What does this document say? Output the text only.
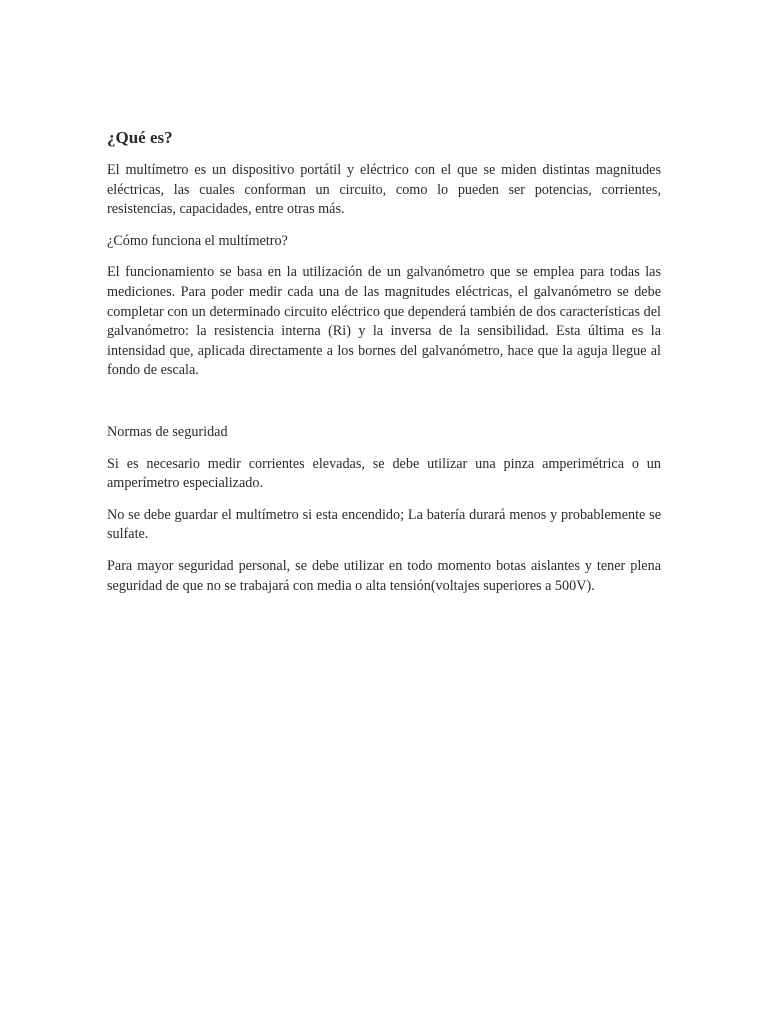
¿Qué es?

El multímetro es un dispositivo portátil y eléctrico con el que se miden distintas magnitudes eléctricas, las cuales conforman un circuito, como lo pueden ser potencias, corrientes, resistencias, capacidades, entre otras más.

¿Cómo funciona el multímetro?

El funcionamiento se basa en la utilización de un galvanómetro que se emplea para todas las mediciones. Para poder medir cada una de las magnitudes eléctricas, el galvanómetro se debe completar con un determinado circuito eléctrico que dependerá también de dos características del galvanómetro: la resistencia interna (Ri) y la inversa de la sensibilidad. Esta última es la intensidad que, aplicada directamente a los bornes del galvanómetro, hace que la aguja llegue al fondo de escala.

Normas de seguridad

Si es necesario medir corrientes elevadas, se debe utilizar una pinza amperimétrica o un amperímetro especializado.

No se debe guardar el multímetro si esta encendido; La batería durará menos y probablemente se sulfate.

Para mayor seguridad personal, se debe utilizar en todo momento botas aislantes y tener plena seguridad de que no se trabajará con media o alta tensión(voltajes superiores a 500V).
